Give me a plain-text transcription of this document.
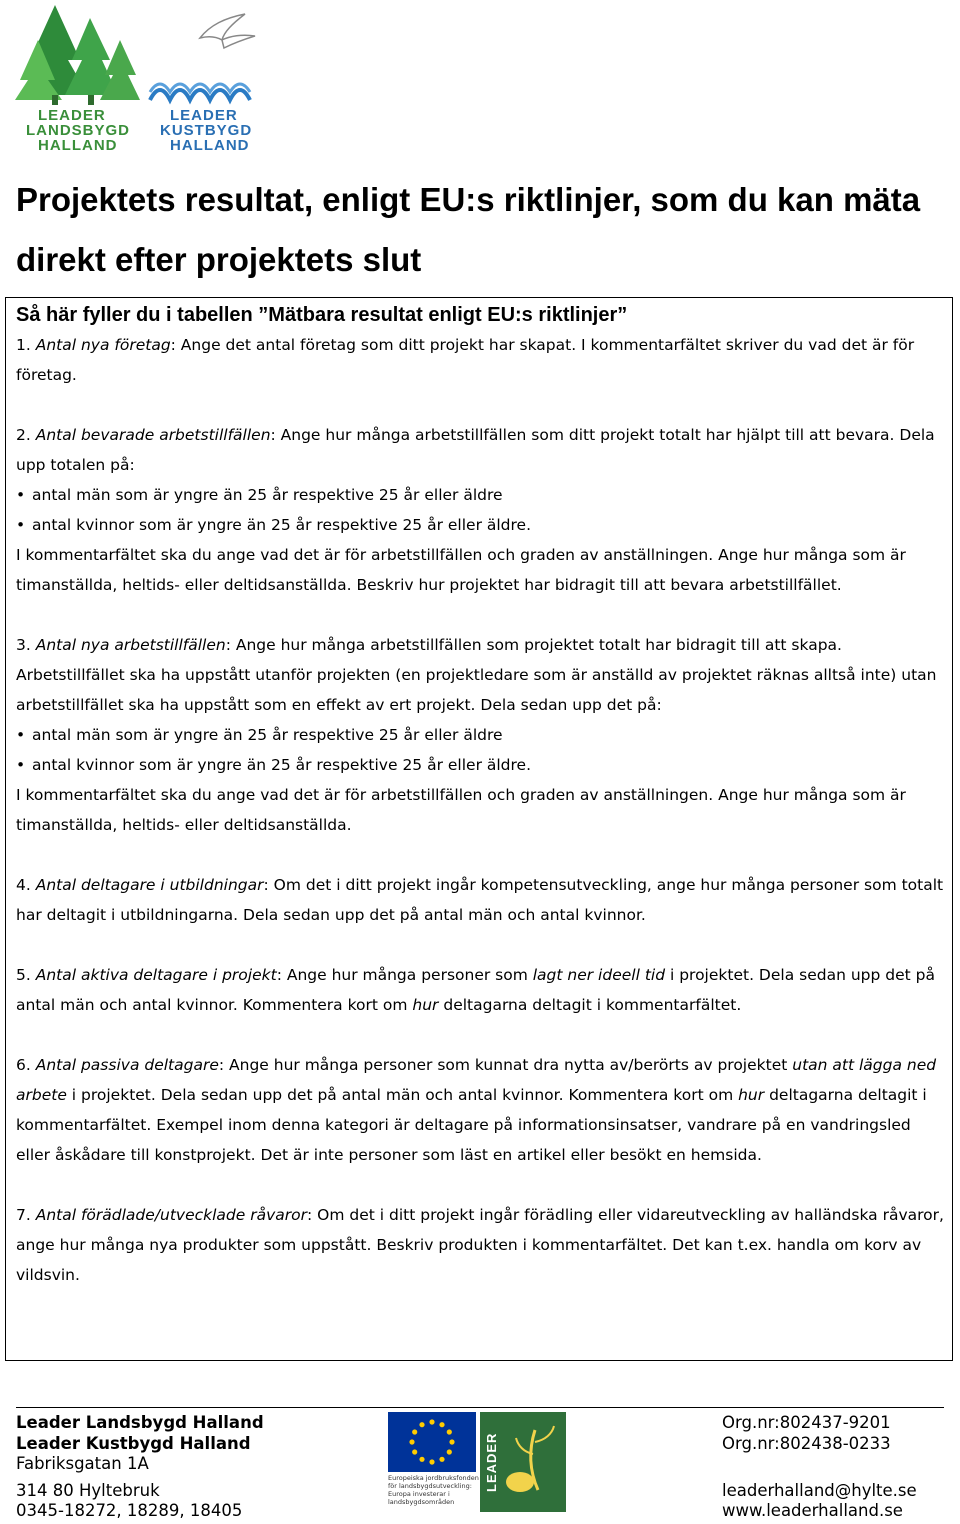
LEADER
LANDSBYGD
HALLAND
LEADER
KUSTBYGD
HALLAND
Projektets resultat, enligt EU:s riktlinjer, som du kan mäta direkt efter projektets slut

Så här fyller du i tabellen ”Mätbara resultat enligt EU:s riktlinjer”

1. Antal nya företag: Ange det antal företag som ditt projekt har skapat. I kommentarfältet skriver du vad det är för företag.

2. Antal bevarade arbetstillfällen: Ange hur många arbetstillfällen som ditt projekt totalt har hjälpt till att bevara. Dela upp totalen på:

• antal män som är yngre än 25 år respektive 25 år eller äldre

• antal kvinnor som är yngre än 25 år respektive 25 år eller äldre.

I kommentarfältet ska du ange vad det är för arbetstillfällen och graden av anställningen. Ange hur många som är timanställda, heltids- eller deltidsanställda. Beskriv hur projektet har bidragit till att bevara arbetstillfället.

3. Antal nya arbetstillfällen: Ange hur många arbetstillfällen som projektet totalt har bidragit till att skapa. Arbetstillfället ska ha uppstått utanför projekten (en projektledare som är anställd av projektet räknas alltså inte) utan arbetstillfället ska ha uppstått som en effekt av ert projekt. Dela sedan upp det på:

• antal män som är yngre än 25 år respektive 25 år eller äldre

• antal kvinnor som är yngre än 25 år respektive 25 år eller äldre.

I kommentarfältet ska du ange vad det är för arbetstillfällen och graden av anställningen. Ange hur många som är timanställda, heltids- eller deltidsanställda.

4. Antal deltagare i utbildningar: Om det i ditt projekt ingår kompetensutveckling, ange hur många personer som totalt har deltagit i utbildningarna. Dela sedan upp det på antal män och antal kvinnor.

5. Antal aktiva deltagare i projekt: Ange hur många personer som lagt ner ideell tid i projektet. Dela sedan upp det på antal män och antal kvinnor. Kommentera kort om hur deltagarna deltagit i kommentarfältet.

6. Antal passiva deltagare: Ange hur många personer som kunnat dra nytta av/berörts av projektet utan att lägga ned arbete i projektet. Dela sedan upp det på antal män och antal kvinnor. Kommentera kort om hur deltagarna deltagit i kommentarfältet. Exempel inom denna kategori är deltagare på informationsinsatser, vandrare på en vandringsled eller åskådare till konstprojekt. Det är inte personer som läst en artikel eller besökt en hemsida.

7. Antal förädlade/utvecklade råvaror: Om det i ditt projekt ingår förädling eller vidareutveckling av halländska råvaror, ange hur många nya produkter som uppstått. Beskriv produkten i kommentarfältet. Det kan t.ex. handla om korv av vildsvin.

Leader Landsbygd Halland
Leader Kustbygd Halland
Fabriksgatan 1A
314 80 Hyltebruk
0345-18272, 18289, 18405
Europeiska jordbruksfonden för landsbygdsutveckling: Europa investerar i landsbygdsområden
LEADER
Org.nr:802437-9201
Org.nr:802438-0233
leaderhalland@hylte.se
www.leaderhalland.se
